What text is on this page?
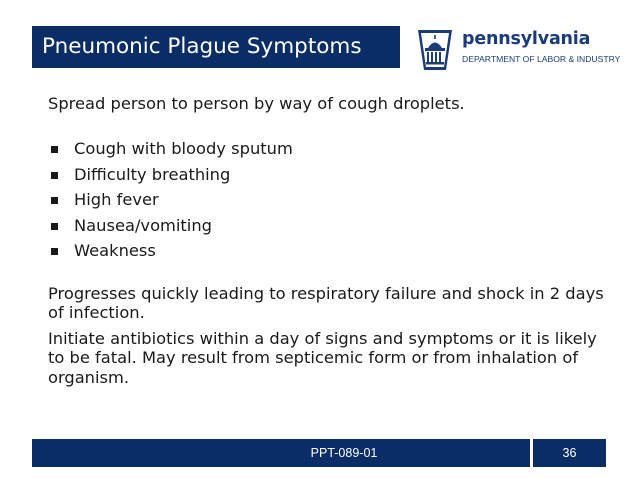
Pneumonic Plague Symptoms	pennsylvania
DEPARTMENT OF LABOR & INDUSTRY

Spread person to person by way of cough droplets.

Cough with bloody sputum
Difficulty breathing
High fever
Nausea/vomiting
Weakness

Progresses quickly leading to respiratory failure and shock in 2 days of infection.

Initiate antibiotics within a day of signs and symptoms or it is likely to be fatal. May result from septicemic form or from inhalation of organism.

PPT-089-01	36
